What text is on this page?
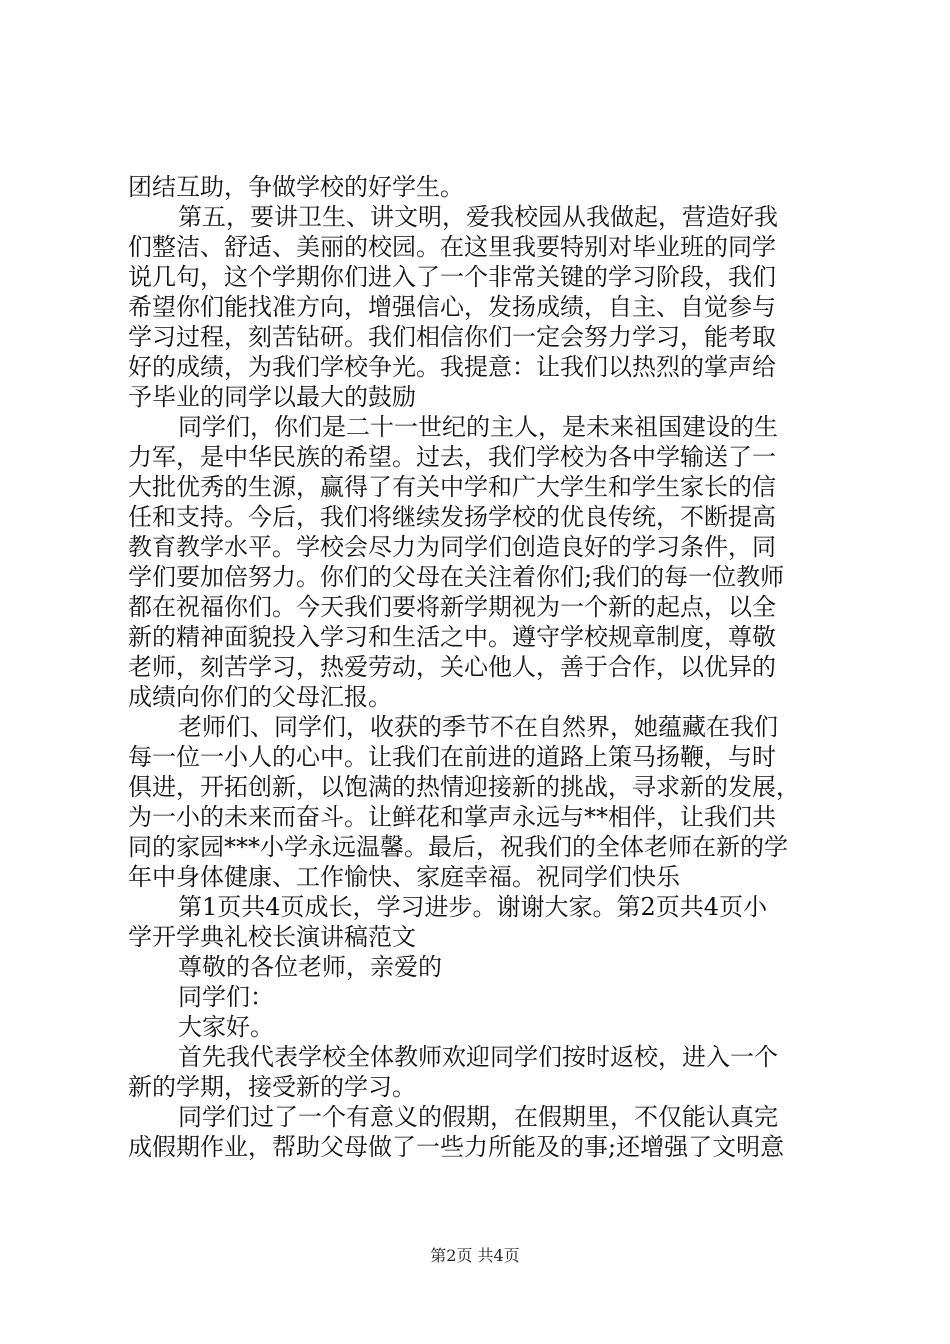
团结互助，争做学校的好学生。
第五，要讲卫生、讲文明，爱我校园从我做起，营造好我
们整洁、舒适、美丽的校园。在这里我要特别对毕业班的同学
说几句，这个学期你们进入了一个非常关键的学习阶段，我们
希望你们能找准方向，增强信心，发扬成绩，自主、自觉参与
学习过程，刻苦钻研。我们相信你们一定会努力学习，能考取
好的成绩，为我们学校争光。我提意：让我们以热烈的掌声给
予毕业的同学以最大的鼓励
同学们，你们是二十一世纪的主人，是未来祖国建设的生
力军，是中华民族的希望。过去，我们学校为各中学输送了一
大批优秀的生源，赢得了有关中学和广大学生和学生家长的信
任和支持。今后，我们将继续发扬学校的优良传统，不断提高
教育教学水平。学校会尽力为同学们创造良好的学习条件，同
学们要加倍努力。你们的父母在关注着你们;我们的每一位教师
都在祝福你们。今天我们要将新学期视为一个新的起点，以全
新的精神面貌投入学习和生活之中。遵守学校规章制度，尊敬
老师，刻苦学习，热爱劳动，关心他人，善于合作，以优异的
成绩向你们的父母汇报。
老师们、同学们，收获的季节不在自然界，她蕴藏在我们
每一位一小人的心中。让我们在前进的道路上策马扬鞭，与时
俱进，开拓创新，以饱满的热情迎接新的挑战，寻求新的发展，
为一小的未来而奋斗。让鲜花和掌声永远与**相伴，让我们共
同的家园***小学永远温馨。最后，祝我们的全体老师在新的学
年中身体健康、工作愉快、家庭幸福。祝同学们快乐
第1页共4页成长，学习进步。谢谢大家。第2页共4页小
学开学典礼校长演讲稿范文
尊敬的各位老师，亲爱的
同学们：
大家好。
首先我代表学校全体教师欢迎同学们按时返校，进入一个
新的学期，接受新的学习。
同学们过了一个有意义的假期，在假期里，不仅能认真完
成假期作业，帮助父母做了一些力所能及的事;还增强了文明意
第2页 共4页
